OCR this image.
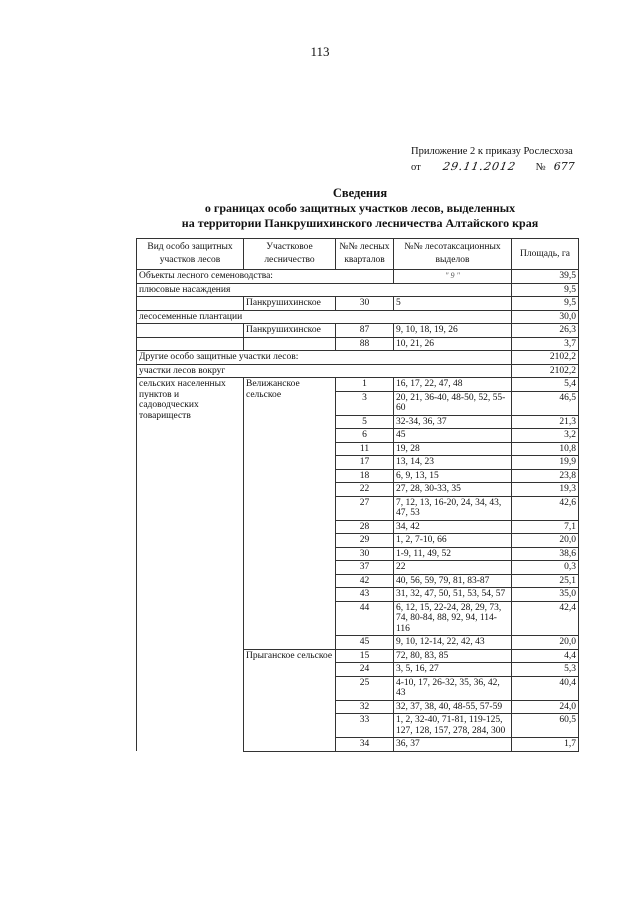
113
Приложение 2 к приказу Рослесхоза
от 29.11.2012 № 677
Сведения
о границах особо защитных участков лесов, выделенных
на территории Панкрушихинского лесничества Алтайского края
Вид особо защитных участков лесов	Участковое лесничество	№№ лесных кварталов	№№ лесотаксационных выделов	Площадь, га
Объекты лесного семеноводства:			" 9 "	39,5
плюсовые насаждения				9,5
	Панкрушихинское	30	5	9,5
лесосеменные плантации				30,0
	Панкрушихинское	87	9, 10, 18, 19, 26	26,3
		88	10, 21, 26	3,7
Другие особо защитные участки лесов:				2102,2
участки лесов вокруг				2102,2
сельских населенных пунктов и садоводческих товариществ	Велижанское сельское	1	16, 17, 22, 47, 48	5,4
		3	20, 21, 36-40, 48-50, 52, 55-60	46,5
		5	32-34, 36, 37	21,3
		6	45	3,2
		11	19, 28	10,8
		17	13, 14, 23	19,9
		18	6, 9, 13, 15	23,8
		22	27, 28, 30-33, 35	19,3
		27	7, 12, 13, 16-20, 24, 34, 43, 47, 53	42,6
		28	34, 42	7,1
		29	1, 2, 7-10, 66	20,0
		30	1-9, 11, 49, 52	38,6
		37	22	0,3
		42	40, 56, 59, 79, 81, 83-87	25,1
		43	31, 32, 47, 50, 51, 53, 54, 57	35,0
		44	6, 12, 15, 22-24, 28, 29, 73, 74, 80-84, 88, 92, 94, 114-116	42,4
		45	9, 10, 12-14, 22, 42, 43	20,0
	Прыганское сельское	15	72, 80, 83, 85	4,4
		24	3, 5, 16, 27	5,3
		25	4-10, 17, 26-32, 35, 36, 42, 43	40,4
		32	32, 37, 38, 40, 48-55, 57-59	24,0
		33	1, 2, 32-40, 71-81, 119-125, 127, 128, 157, 278, 284, 300	60,5
		34	36, 37	1,7
